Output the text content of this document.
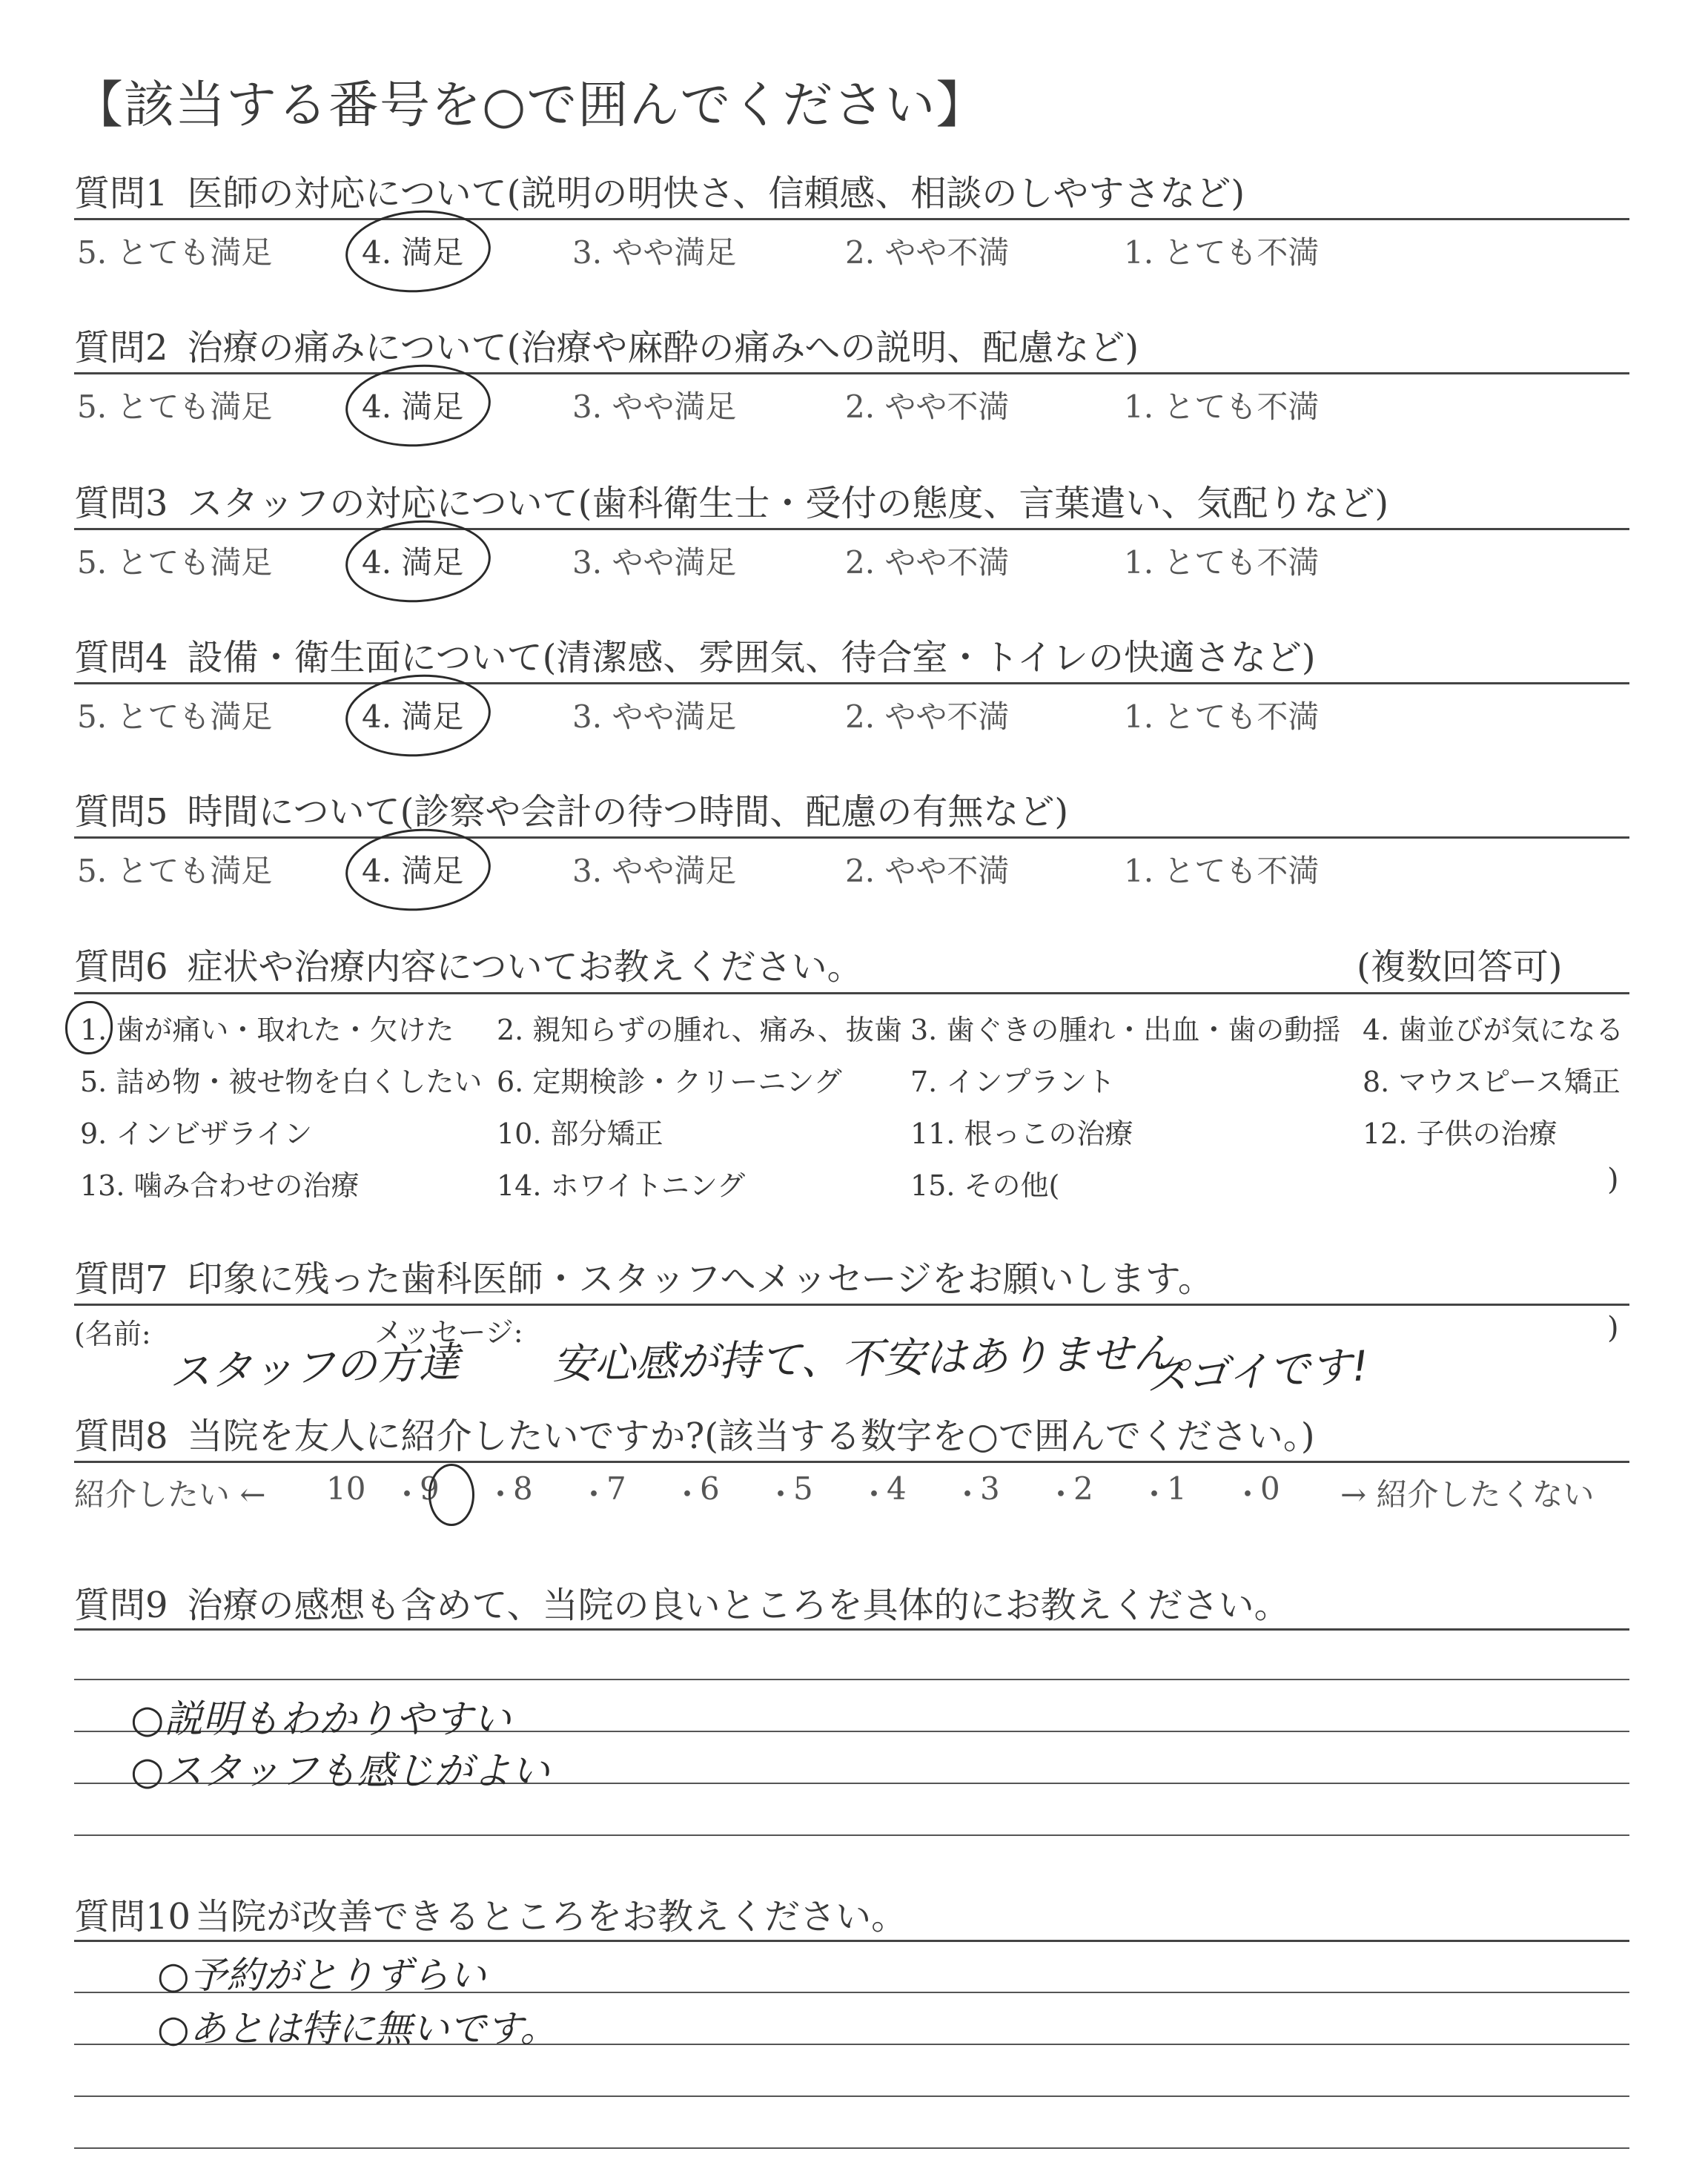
【該当する番号を○で囲んでください】
質問1 医師の対応について(説明の明快さ、信頼感、相談のしやすさなど)
5. とても満足	4. 満足	3. やや満足	2. やや不満	1. とても不満
質問2 治療の痛みについて(治療や麻酔の痛みへの説明、配慮など)
5. とても満足	4. 満足	3. やや満足	2. やや不満	1. とても不満
質問3 スタッフの対応について(歯科衛生士・受付の態度、言葉遣い、気配りなど)
5. とても満足	4. 満足	3. やや満足	2. やや不満	1. とても不満
質問4 設備・衛生面について(清潔感、雰囲気、待合室・トイレの快適さなど)
5. とても満足	4. 満足	3. やや満足	2. やや不満	1. とても不満
質問5 時間について(診察や会計の待つ時間、配慮の有無など)
5. とても満足	4. 満足	3. やや満足	2. やや不満	1. とても不満
質問6 症状や治療内容についてお教えください。	(複数回答可)
1. 歯が痛い・取れた・欠けた 2. 親知らずの腫れ、痛み、抜歯 3. 歯ぐきの腫れ・出血・歯の動揺 4. 歯並びが気になる
5. 詰め物・被せ物を白くしたい 6. 定期検診・クリーニング 7. インプラント	8. マウスピース矯正
9. インビザライン	10. 部分矯正	11. 根っこの治療	12. 子供の治療
13. 噛み合わせの治療	14. ホワイトニング	15. その他(	)
質問7 印象に残った歯科医師・スタッフへメッセージをお願いします。
(名前:	メッセージ:	)
スタッフの方達 安心感が持て、不安はありません。
スゴイです!
質問8 当院を友人に紹介したいですか?(該当する数字を○で囲んでください。)
紹介したい ←	→ 紹介したくない
10 ・
9 ・
8 ・
7 ・
6 ・
5 ・
4 ・
3 ・
2 ・
1 ・
0
質問9 治療の感想も含めて、当院の良いところを具体的にお教えください。
○説明もわかりやすい
○スタッフも感じがよい
質問10 当院が改善できるところをお教えください。
○予約がとりずらい
○あとは特に無いです。
